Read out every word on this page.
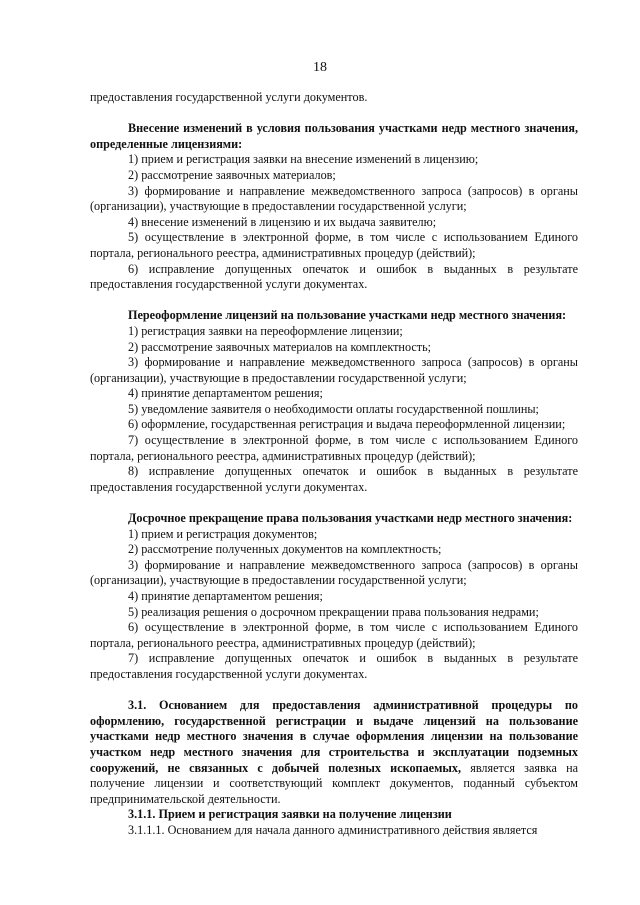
18

предоставления государственной услуги документов.

Внесение изменений в условия пользования участками недр местного значения, определенные лицензиями:

1) прием и регистрация заявки на внесение изменений в лицензию;

2) рассмотрение заявочных материалов;

3) формирование и направление межведомственного запроса (запросов) в органы (организации), участвующие в предоставлении государственной услуги;

4) внесение изменений в лицензию и их выдача заявителю;

5) осуществление в электронной форме, в том числе с использованием Единого портала, регионального реестра, административных процедур (действий);

6) исправление допущенных опечаток и ошибок в выданных в результате предоставления государственной услуги документах.

Переоформление лицензий на пользование участками недр местного значения:

1) регистрация заявки на переоформление лицензии;

2) рассмотрение заявочных материалов на комплектность;

3) формирование и направление межведомственного запроса (запросов) в органы (организации), участвующие в предоставлении государственной услуги;

4) принятие департаментом решения;

5) уведомление заявителя о необходимости оплаты государственной пошлины;

6) оформление, государственная регистрация и выдача переоформленной лицензии;

7) осуществление в электронной форме, в том числе с использованием Единого портала, регионального реестра, административных процедур (действий);

8) исправление допущенных опечаток и ошибок в выданных в результате предоставления государственной услуги документах.

Досрочное прекращение права пользования участками недр местного значения:

1) прием и регистрация документов;

2) рассмотрение полученных документов на комплектность;

3) формирование и направление межведомственного запроса (запросов) в органы (организации), участвующие в предоставлении государственной услуги;

4) принятие департаментом решения;

5) реализация решения о досрочном прекращении права пользования недрами;

6) осуществление в электронной форме, в том числе с использованием Единого портала, регионального реестра, административных процедур (действий);

7) исправление допущенных опечаток и ошибок в выданных в результате предоставления государственной услуги документах.

3.1. Основанием для предоставления административной процедуры по оформлению, государственной регистрации и выдаче лицензий на пользование участками недр местного значения в случае оформления лицензии на пользование участком недр местного значения для строительства и эксплуатации подземных сооружений, не связанных с добычей полезных ископаемых, является заявка на получение лицензии и соответствующий комплект документов, поданный субъектом предпринимательской деятельности.

3.1.1. Прием и регистрация заявки на получение лицензии

3.1.1.1. Основанием для начала данного административного действия является
